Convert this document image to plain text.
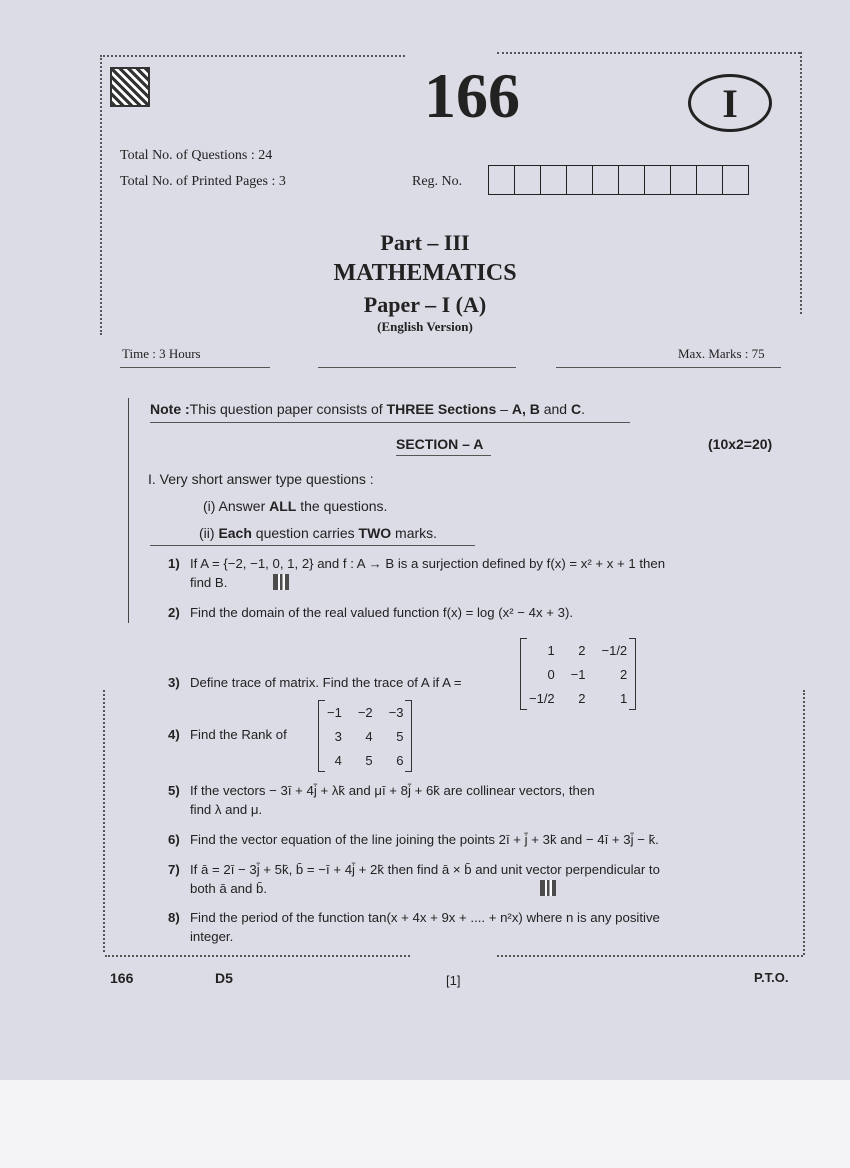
166	I
Total No. of Questions : 24
Total No. of Printed Pages : 3	Reg. No.
Part – III
MATHEMATICS
Paper – I (A)
(English Version)
Time : 3 Hours	Max. Marks : 75
Note :This question paper consists of THREE Sections – A, B and C.
SECTION – A	(10x2=20)
I. Very short answer type questions :
(i) Answer ALL the questions.
(ii) Each question carries TWO marks.
1) If A = {−2, −1, 0, 1, 2} and f : A → B is a surjection defined by f(x) = x² + x + 1 then
find B.
2) Find the domain of the real valued function f(x) = log (x² − 4x + 3).
3) Define trace of matrix. Find the trace of A if A =
1	2	−1/2
0	−1	2
−1/2	2	1
4) Find the Rank of
−1	−2	−3
3	4	5
4	5	6
5) If the vectors − 3ī + 4j̄ + λk̄ and μī + 8j̄ + 6k̄ are collinear vectors, then
find λ and μ.
6) Find the vector equation of the line joining the points 2ī + j̄ + 3k̄ and − 4ī + 3j̄ − k̄.
7) If ā = 2ī − 3j̄ + 5k̄, b̄ = −ī + 4j̄ + 2k̄ then find ā × b̄ and unit vector perpendicular to
both ā and b̄.
8) Find the period of the function tan(x + 4x + 9x + .... + n²x) where n is any positive
integer.
166	D5	[1]	P.T.O.
